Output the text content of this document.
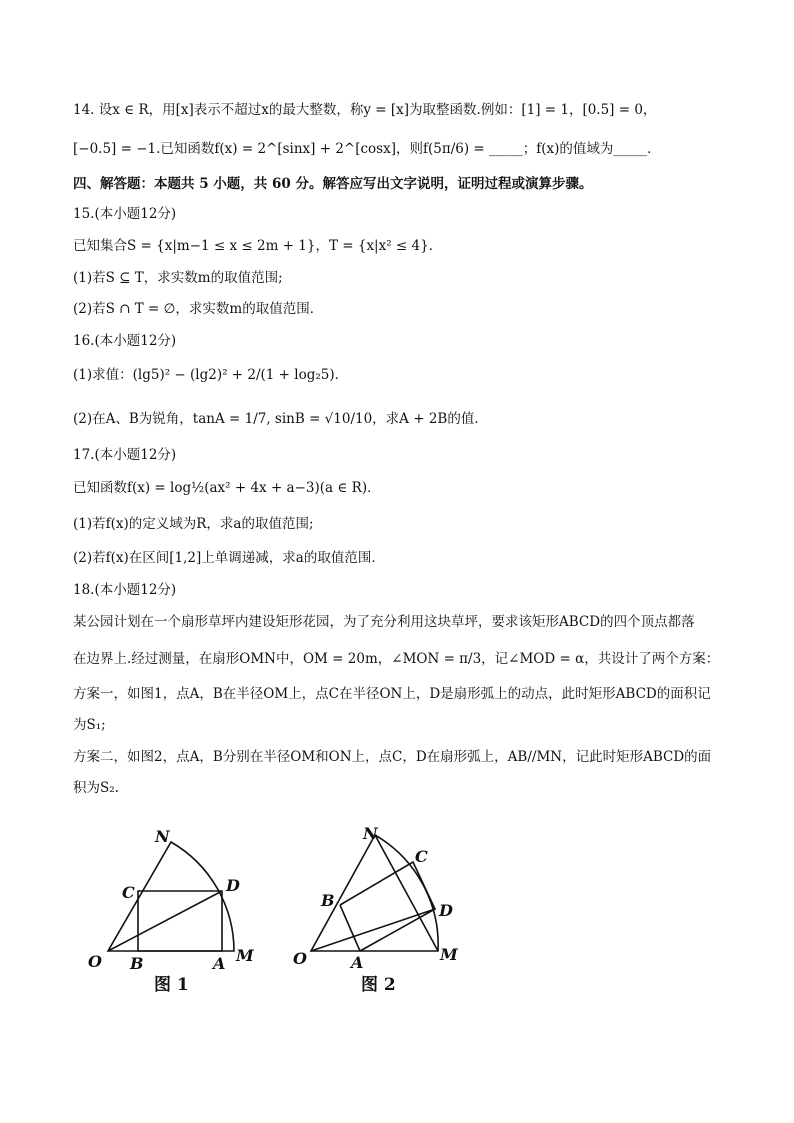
14. 设x ∈ R，用[x]表示不超过x的最大整数，称y = [x]为取整函数.例如：[1] = 1，[0.5] = 0，
[−0.5] = −1.已知函数f(x) = 2^[sinx] + 2^[cosx]，则f(5π/6) = _____；f(x)的值域为_____．
四、解答题：本题共 5 小题，共 60 分。解答应写出文字说明，证明过程或演算步骤。
15.(本小题12分)
已知集合S = {x|m−1 ≤ x ≤ 2m + 1}，T = {x|x² ≤ 4}．
(1)若S ⊆ T，求实数m的取值范围;
(2)若S ∩ T = ∅，求实数m的取值范围．
16.(本小题12分)
(1)求值：(lg5)² − (lg2)² + 2/(1 + log₂5)．
(2)在A、B为锐角，tanA = 1/7, sinB = √10/10，求A + 2B的值．
17.(本小题12分)
已知函数f(x) = log½(ax² + 4x + a−3)(a ∈ R)．
(1)若f(x)的定义域为R，求a的取值范围;
(2)若f(x)在区间[1,2]上单调递减，求a的取值范围．
18.(本小题12分)
某公园计划在一个扇形草坪内建设矩形花园，为了充分利用这块草坪，要求该矩形ABCD的四个顶点都落
在边界上.经过测量，在扇形OMN中，OM = 20m，∠MON = π/3，记∠MOD = α，共设计了两个方案：
方案一，如图1，点A，B在半径OM上，点C在半径ON上，D是扇形弧上的动点，此时矩形ABCD的面积记
为S₁;
方案二，如图2，点A，B分别在半径OM和ON上，点C，D在扇形弧上，AB//MN，记此时矩形ABCD的面
积为S₂.
N
C	D
O B	A M
图 1
N
C
B
D
O	A	M
图 2
